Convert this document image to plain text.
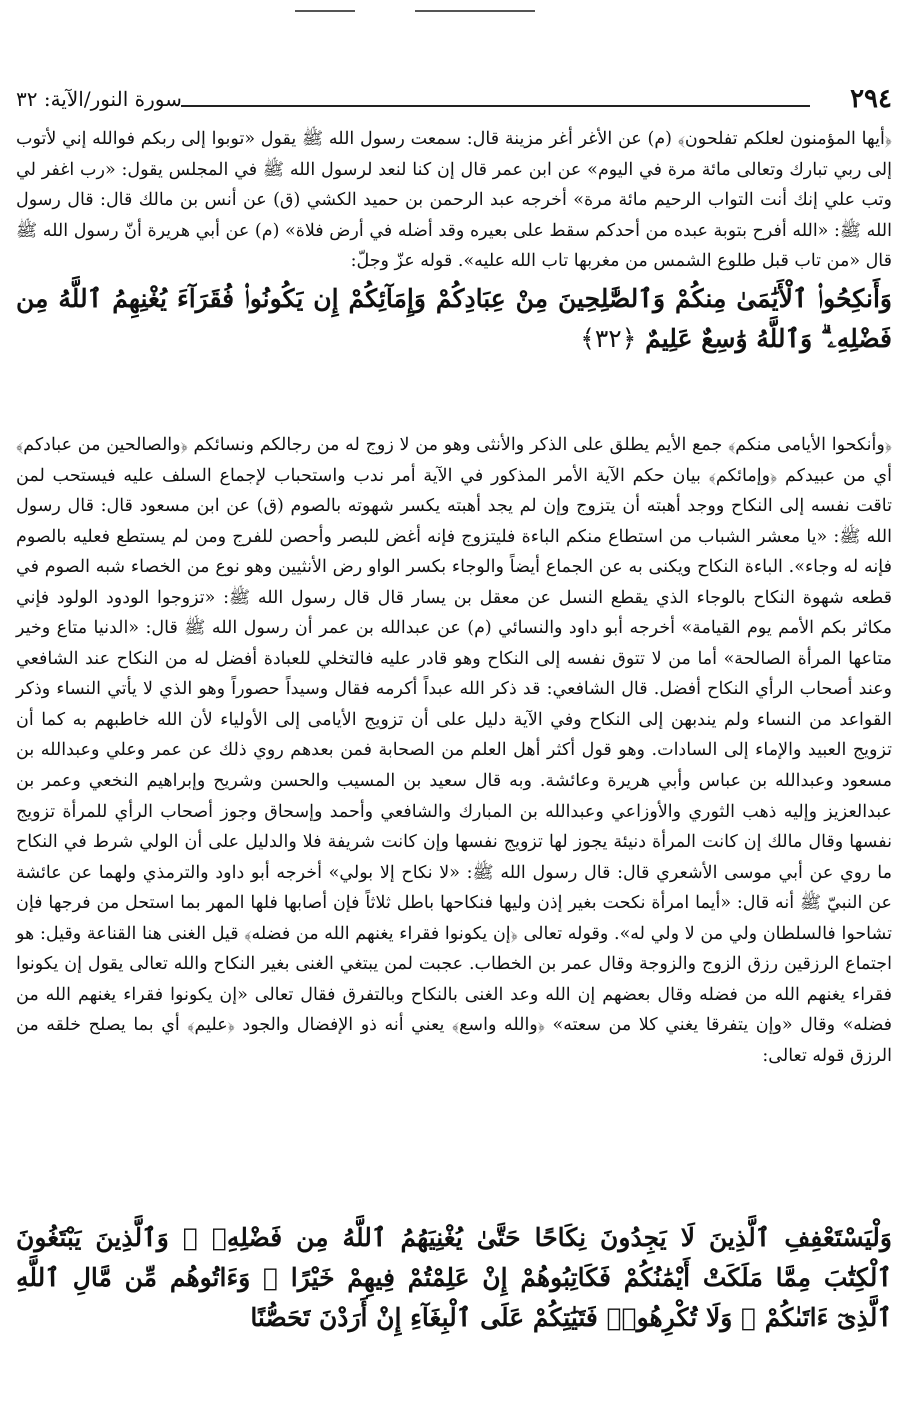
٢٩٤
سورة النور/الآية: ٣٢

﴿أيها المؤمنون لعلكم تفلحون﴾ (م) عن الأغر أغر مزينة قال: سمعت رسول الله ﷺ يقول «توبوا إلى ربكم فوالله إني لأتوب إلى ربي تبارك وتعالى مائة مرة في اليوم» عن ابن عمر قال إن كنا لنعد لرسول الله ﷺ في المجلس يقول: «رب اغفر لي وتب علي إنك أنت التواب الرحيم مائة مرة» أخرجه عبد الرحمن بن حميد الكشي (ق) عن أنس بن مالك قال: قال رسول الله ﷺ: «الله أفرح بتوبة عبده من أحدكم سقط على بعيره وقد أضله في أرض فلاة» (م) عن أبي هريرة أنّ رسول الله ﷺ قال «من تاب قبل طلوع الشمس من مغربها تاب الله عليه». قوله عزّ وجلّ:

وَأَنكِحُوا۟ ٱلْأَيَٰمَىٰ مِنكُمْ وَٱلصَّٰلِحِينَ مِنْ عِبَادِكُمْ وَإِمَآئِكُمْ إِن يَكُونُوا۟ فُقَرَآءَ يُغْنِهِمُ ٱللَّهُ مِن فَضْلِهِۦ ۗ وَٱللَّهُ وَٰسِعٌ عَلِيمٌ ﴿٣٢﴾

﴿وأنكحوا الأيامى منكم﴾ جمع الأيم يطلق على الذكر والأنثى وهو من لا زوج له من رجالكم ونسائكم ﴿والصالحين من عبادكم﴾ أي من عبيدكم ﴿وإمائكم﴾ بيان حكم الآية الأمر المذكور في الآية أمر ندب واستحباب لإجماع السلف عليه فيستحب لمن تاقت نفسه إلى النكاح ووجد أهبته أن يتزوج وإن لم يجد أهبته يكسر شهوته بالصوم (ق) عن ابن مسعود قال: قال رسول الله ﷺ: «يا معشر الشباب من استطاع منكم الباءة فليتزوج فإنه أغض للبصر وأحصن للفرج ومن لم يستطع فعليه بالصوم فإنه له وجاء». الباءة النكاح ويكنى به عن الجماع أيضاً والوجاء بكسر الواو رض الأنثيين وهو نوع من الخصاء شبه الصوم في قطعه شهوة النكاح بالوجاء الذي يقطع النسل عن معقل بن يسار قال قال رسول الله ﷺ: «تزوجوا الودود الولود فإني مكاثر بكم الأمم يوم القيامة» أخرجه أبو داود والنسائي (م) عن عبدالله بن عمر أن رسول الله ﷺ قال: «الدنيا متاع وخير متاعها المرأة الصالحة» أما من لا تتوق نفسه إلى النكاح وهو قادر عليه فالتخلي للعبادة أفضل له من النكاح عند الشافعي وعند أصحاب الرأي النكاح أفضل. قال الشافعي: قد ذكر الله عبداً أكرمه فقال وسيداً حصوراً وهو الذي لا يأتي النساء وذكر القواعد من النساء ولم يندبهن إلى النكاح وفي الآية دليل على أن تزويج الأيامى إلى الأولياء لأن الله خاطبهم به كما أن تزويج العبيد والإماء إلى السادات. وهو قول أكثر أهل العلم من الصحابة فمن بعدهم روي ذلك عن عمر وعلي وعبدالله بن مسعود وعبدالله بن عباس وأبي هريرة وعائشة. وبه قال سعيد بن المسيب والحسن وشريح وإبراهيم النخعي وعمر بن عبدالعزيز وإليه ذهب الثوري والأوزاعي وعبدالله بن المبارك والشافعي وأحمد وإسحاق وجوز أصحاب الرأي للمرأة تزويج نفسها وقال مالك إن كانت المرأة دنيئة يجوز لها تزويج نفسها وإن كانت شريفة فلا والدليل على أن الولي شرط في النكاح ما روي عن أبي موسى الأشعري قال: قال رسول الله ﷺ: «لا نكاح إلا بولي» أخرجه أبو داود والترمذي ولهما عن عائشة عن النبيّ ﷺ أنه قال: «أيما امرأة نكحت بغير إذن وليها فنكاحها باطل ثلاثاً فإن أصابها فلها المهر بما استحل من فرجها فإن تشاحوا فالسلطان ولي من لا ولي له». وقوله تعالى ﴿إن يكونوا فقراء يغنهم الله من فضله﴾ قيل الغنى هنا القناعة وقيل: هو اجتماع الرزقين رزق الزوج والزوجة وقال عمر بن الخطاب. عجبت لمن يبتغي الغنى بغير النكاح والله تعالى يقول إن يكونوا فقراء يغنهم الله من فضله وقال بعضهم إن الله وعد الغنى بالنكاح وبالتفرق فقال تعالى «إن يكونوا فقراء يغنهم الله من فضله» وقال «وإن يتفرقا يغني كلا من سعته» ﴿والله واسع﴾ يعني أنه ذو الإفضال والجود ﴿عليم﴾ أي بما يصلح خلقه من الرزق قوله تعالى:

وَلْيَسْتَعْفِفِ ٱلَّذِينَ لَا يَجِدُونَ نِكَاحًا حَتَّىٰ يُغْنِيَهُمُ ٱللَّهُ مِن فَضْلِهِۦ ۗ وَٱلَّذِينَ يَبْتَغُونَ ٱلْكِتَٰبَ مِمَّا مَلَكَتْ أَيْمَٰنُكُمْ فَكَاتِبُوهُمْ إِنْ عَلِمْتُمْ فِيهِمْ خَيْرًا ۖ وَءَاتُوهُم مِّن مَّالِ ٱللَّهِ ٱلَّذِىٓ ءَاتَىٰكُمْ ۚ وَلَا تُكْرِهُوا۟ فَتَيَٰتِكُمْ عَلَى ٱلْبِغَآءِ إِنْ أَرَدْنَ تَحَصُّنًا
